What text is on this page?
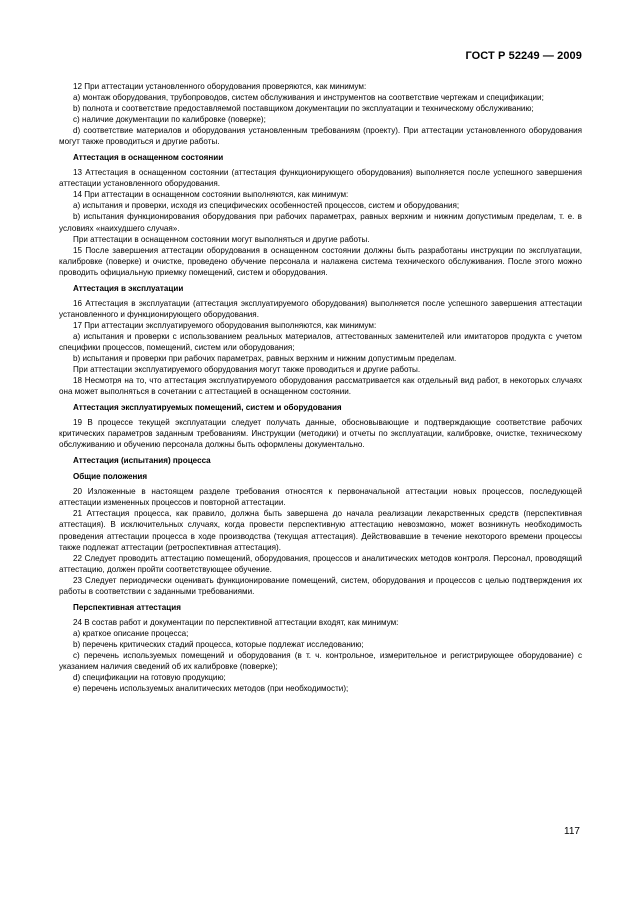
ГОСТ Р 52249 — 2009

12 При аттестации установленного оборудования проверяются, как минимум:

а) монтаж оборудования, трубопроводов, систем обслуживания и инструментов на соответствие чертежам и спецификации;

b) полнота и соответствие предоставляемой поставщиком документации по эксплуатации и техническому обслуживанию;

с) наличие документации по калибровке (поверке);

d) соответствие материалов и оборудования установленным требованиям (проекту). При аттестации установленного оборудования могут также проводиться и другие работы.

Аттестация в оснащенном состоянии

13 Аттестация в оснащенном состоянии (аттестация функционирующего оборудования) выполняется после успешного завершения аттестации установленного оборудования.

14 При аттестации в оснащенном состоянии выполняются, как минимум:

а) испытания и проверки, исходя из специфических особенностей процессов, систем и оборудования;

b) испытания функционирования оборудования при рабочих параметрах, равных верхним и нижним допустимым пределам, т. е. в условиях «наихудшего случая».

При аттестации в оснащенном состоянии могут выполняться и другие работы.

15 После завершения аттестации оборудования в оснащенном состоянии должны быть разработаны инструкции по эксплуатации, калибровке (поверке) и очистке, проведено обучение персонала и налажена система технического обслуживания. После этого можно проводить официальную приемку помещений, систем и оборудования.

Аттестация в эксплуатации

16 Аттестация в эксплуатации (аттестация эксплуатируемого оборудования) выполняется после успешного завершения аттестации установленного и функционирующего оборудования.

17 При аттестации эксплуатируемого оборудования выполняются, как минимум:

а) испытания и проверки с использованием реальных материалов, аттестованных заменителей или имитаторов продукта с учетом специфики процессов, помещений, систем или оборудования;

b) испытания и проверки при рабочих параметрах, равных верхним и нижним допустимым пределам.

При аттестации эксплуатируемого оборудования могут также проводиться и другие работы.

18 Несмотря на то, что аттестация эксплуатируемого оборудования рассматривается как отдельный вид работ, в некоторых случаях она может выполняться в сочетании с аттестацией в оснащенном состоянии.

Аттестация эксплуатируемых помещений, систем и оборудования

19 В процессе текущей эксплуатации следует получать данные, обосновывающие и подтверждающие соответствие рабочих критических параметров заданным требованиям. Инструкции (методики) и отчеты по эксплуатации, калибровке, очистке, техническому обслуживанию и обучению персонала должны быть оформлены документально.

Аттестация (испытания) процесса
Общие положения

20 Изложенные в настоящем разделе требования относятся к первоначальной аттестации новых процессов, последующей аттестации измененных процессов и повторной аттестации.

21 Аттестация процесса, как правило, должна быть завершена до начала реализации лекарственных средств (перспективная аттестация). В исключительных случаях, когда провести перспективную аттестацию невозможно, может возникнуть необходимость проведения аттестации процесса в ходе производства (текущая аттестация). Действовавшие в течение некоторого времени процессы также подлежат аттестации (ретроспективная аттестация).

22 Следует проводить аттестацию помещений, оборудования, процессов и аналитических методов контроля. Персонал, проводящий аттестацию, должен пройти соответствующее обучение.

23 Следует периодически оценивать функционирование помещений, систем, оборудования и процессов с целью подтверждения их работы в соответствии с заданными требованиями.

Перспективная аттестация

24 В состав работ и документации по перспективной аттестации входят, как минимум:

а) краткое описание процесса;

b) перечень критических стадий процесса, которые подлежат исследованию;

с) перечень используемых помещений и оборудования (в т. ч. контрольное, измерительное и регистрирующее оборудование) с указанием наличия сведений об их калибровке (поверке);

d) спецификации на готовую продукцию;

е) перечень используемых аналитических методов (при необходимости);

117
